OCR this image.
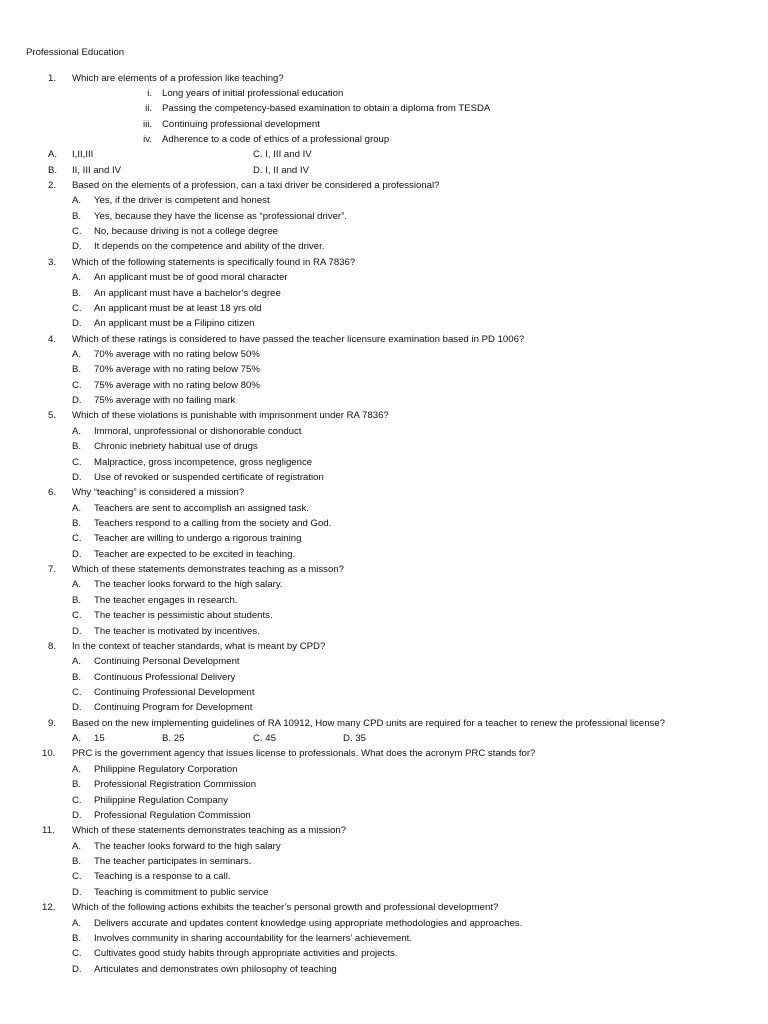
Professional Education
1. Which are elements of a profession like teaching?
i. Long years of initial professional education
ii. Passing the competency-based examination to obtain a diploma from TESDA
iii. Continuing professional development
iv. Adherence to a code of ethics of a professional group
A. I,II,III	C. I, III and IV
B. II, III and IV	D. I, II and IV
2. Based on the elements of a profession, can a taxi driver be considered a professional?
A. Yes, if the driver is competent and honest
B. Yes, because they have the license as “professional driver”.
C. No, because driving is not a college degree
D. It depends on the competence and ability of the driver.
3. Which of the following statements is specifically found in RA 7836?
A. An applicant must be of good moral character
B. An applicant must have a bachelor’s degree
C. An applicant must be at least 18 yrs old
D. An applicant must be a Filipino citizen
4. Which of these ratings is considered to have passed the teacher licensure examination based in PD 1006?
A. 70% average with no rating below 50%
B. 70% average with no rating below 75%
C. 75% average with no rating below 80%
D. 75% average with no failing mark
5. Which of these violations is punishable with imprisonment under RA 7836?
A. Immoral, unprofessional or dishonorable conduct
B. Chronic inebriety habitual use of drugs
C. Malpractice, gross incompetence, gross negligence
D. Use of revoked or suspended certificate of registration
6. Why “teaching” is considered a mission?
A. Teachers are sent to accomplish an assigned task.
B. Teachers respond to a calling from the society and God.
C. Teacher are willing to undergo a rigorous training
D. Teacher are expected to be excited in teaching.
7. Which of these statements demonstrates teaching as a misson?
A. The teacher looks forward to the high salary.
B. The teacher engages in research.
C. The teacher is pessimistic about students.
D. The teacher is motivated by incentives.
8. In the context of teacher standards, what is meant by CPD?
A. Continuing Personal Development
B. Continuous Professional Delivery
C. Continuing Professional Development
D. Continuing Program for Development
9. Based on the new implementing guidelines of RA 10912, How many CPD units are required for a teacher to renew the professional license?
A. 15	B. 25	C. 45	D. 35
10. PRC is the government agency that issues license to professionals. What does the acronym PRC stands for?
A. Philippine Regulatory Corporation
B. Professional Registration Commission
C. Philippine Regulation Company
D. Professional Regulation Commission
11. Which of these statements demonstrates teaching as a mission?
A. The teacher looks forward to the high salary
B. The teacher participates in seminars.
C. Teaching is a response to a call.
D. Teaching is commitment to public service
12. Which of the following actions exhibits the teacher’s personal growth and professional development?
A. Delivers accurate and updates content knowledge using appropriate methodologies and approaches.
B. Involves community in sharing accountability for the learners’ achievement.
C. Cultivates good study habits through appropriate activities and projects.
D. Articulates and demonstrates own philosophy of teaching
